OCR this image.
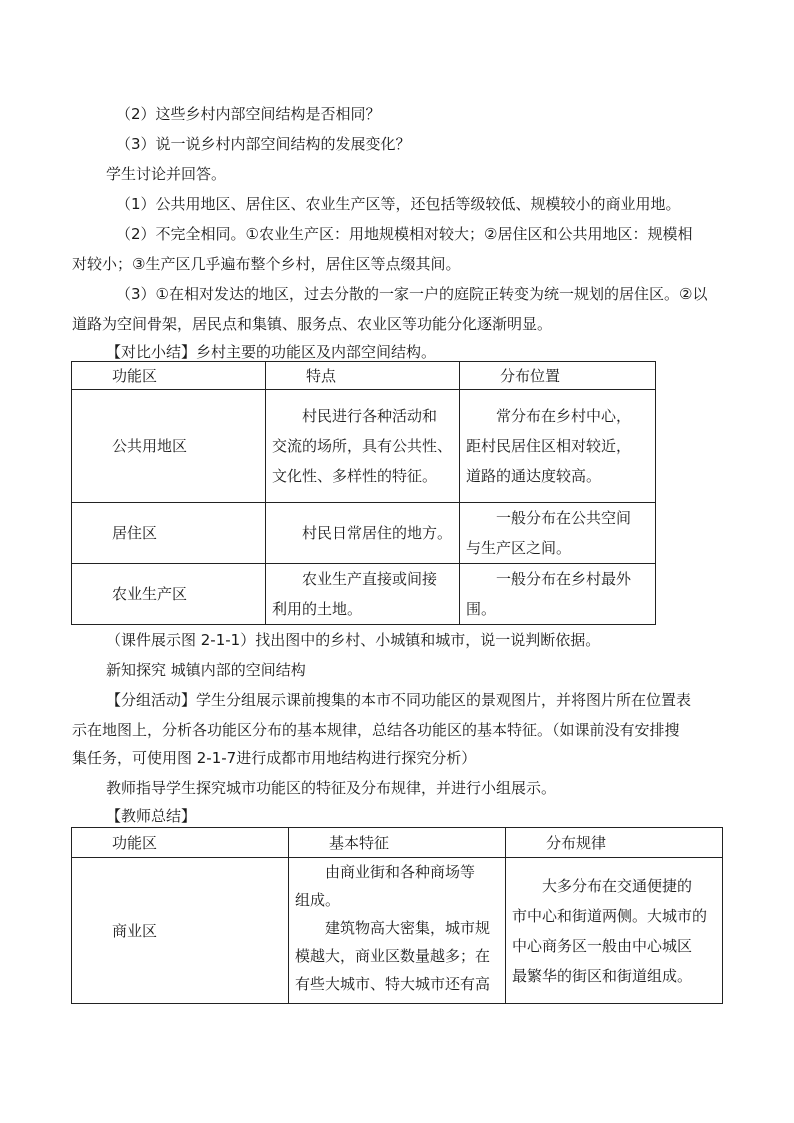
（2）这些乡村内部空间结构是否相同？
（3）说一说乡村内部空间结构的发展变化？
学生讨论并回答。
（1）公共用地区、居住区、农业生产区等，还包括等级较低、规模较小的商业用地。
（2）不完全相同。①农业生产区：用地规模相对较大；②居住区和公共用地区：规模相
对较小；③生产区几乎遍布整个乡村，居住区等点缀其间。
（3）①在相对发达的地区，过去分散的一家一户的庭院正转变为统一规划的居住区。②以
道路为空间骨架，居民点和集镇、服务点、农业区等功能分化逐渐明显。
【对比小结】乡村主要的功能区及内部空间结构。
功能区	特点	分布位置
公共用地区	村民进行各种活动和
交流的场所，具有公共性、
文化性、多样性的特征。	常分布在乡村中心，
距村民居住区相对较近，
道路的通达度较高。

居住区	村民日常居住的地方。	一般分布在公共空间
与生产区之间。

农业生产区	农业生产直接或间接
利用的土地。	一般分布在乡村最外
围。
（课件展示图 2-1-1）找出图中的乡村、小城镇和城市，说一说判断依据。
新知探究 城镇内部的空间结构
【分组活动】学生分组展示课前搜集的本市不同功能区的景观图片，并将图片所在位置表
示在地图上，分析各功能区分布的基本规律，总结各功能区的基本特征。（如课前没有安排搜
集任务，可使用图 2-1-7进行成都市用地结构进行探究分析）
教师指导学生探究城市功能区的特征及分布规律，并进行小组展示。
【教师总结】
功能区	基本特征	分布规律
商业区	由商业街和各种商场等
组成。
建筑物高大密集，城市规
模越大，商业区数量越多；在
有些大城市、特大城市还有高	大多分布在交通便捷的
市中心和街道两侧。大城市的
中心商务区一般由中心城区
最繁华的街区和街道组成。
